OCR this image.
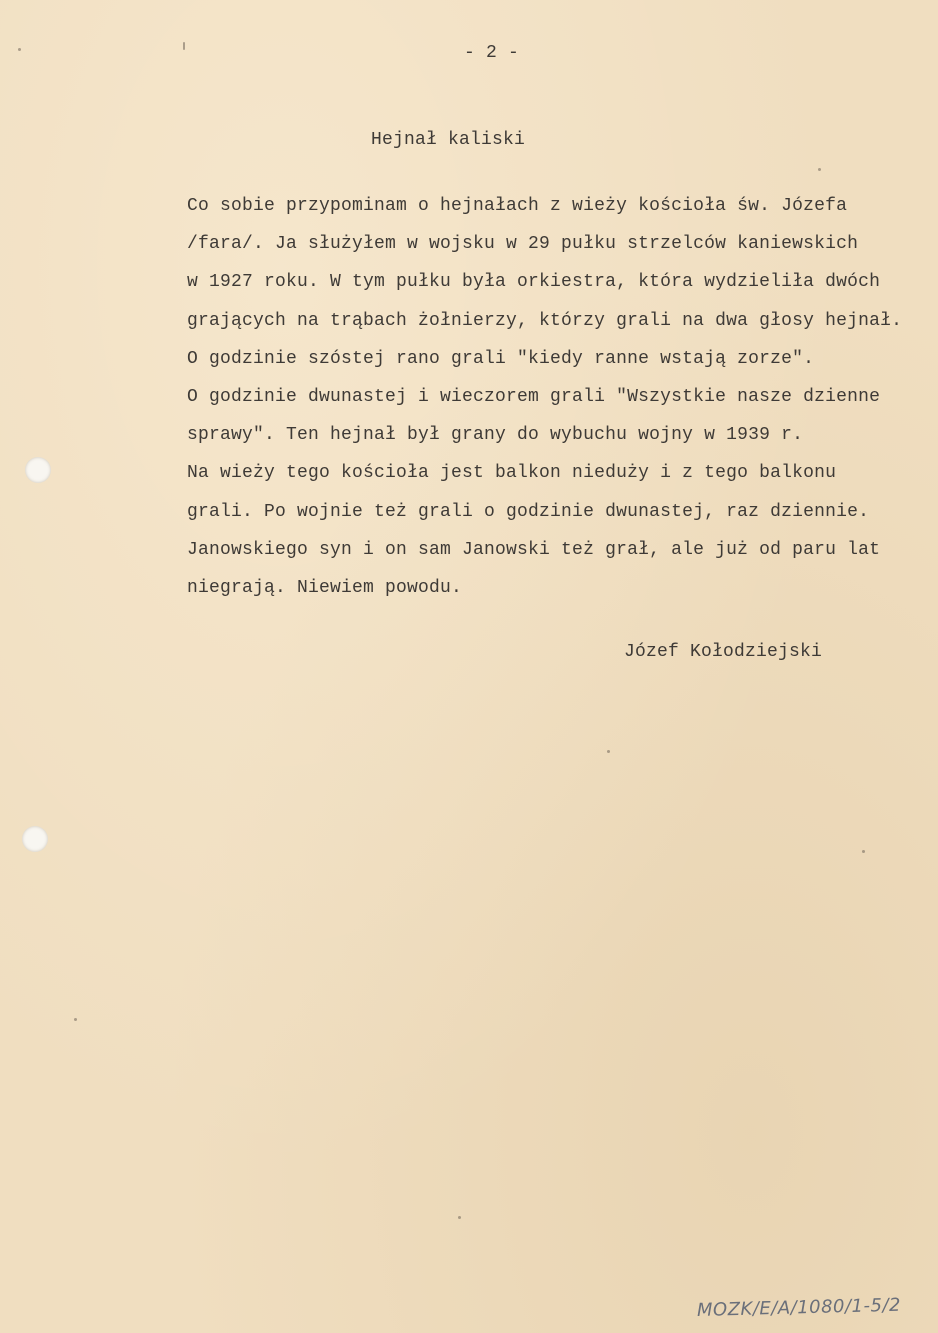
- 2 -
Hejnał kaliski
Co sobie przypominam o hejnałach z wieży kościoła św. Józefa
/fara/. Ja służyłem w wojsku w 29 pułku strzelców kaniewskich
w 1927 roku. W tym pułku była orkiestra, która wydzieliła dwóch
grających na trąbach żołnierzy, którzy grali na dwa głosy hejnał.
O godzinie szóstej rano grali "kiedy ranne wstają zorze".
O godzinie dwunastej i wieczorem grali "Wszystkie nasze dzienne
sprawy". Ten hejnał był grany do wybuchu wojny w 1939 r.
Na wieży tego kościoła jest balkon nieduży i z tego balkonu
grali. Po wojnie też grali o godzinie dwunastej, raz dziennie.
Janowskiego syn i on sam Janowski też grał, ale już od paru lat
niegrają. Niewiem powodu.
Józef Kołodziejski
MOZK/E/A/1080/1-5/2
